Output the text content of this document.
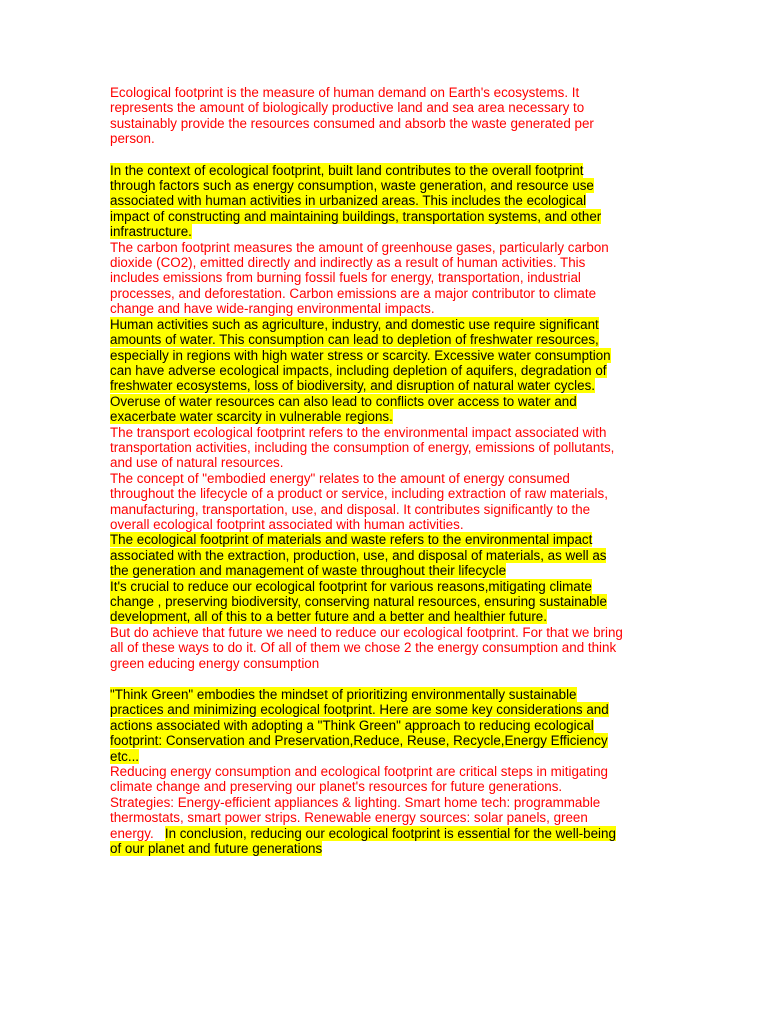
Ecological footprint is the measure of human demand on Earth's ecosystems. It
represents the amount of biologically productive land and sea area necessary to
sustainably provide the resources consumed and absorb the waste generated per
person.

In the context of ecological footprint, built land contributes to the overall footprint
through factors such as energy consumption, waste generation, and resource use
associated with human activities in urbanized areas. This includes the ecological
impact of constructing and maintaining buildings, transportation systems, and other
infrastructure.

The carbon footprint measures the amount of greenhouse gases, particularly carbon
dioxide (CO2), emitted directly and indirectly as a result of human activities. This
includes emissions from burning fossil fuels for energy, transportation, industrial
processes, and deforestation. Carbon emissions are a major contributor to climate
change and have wide-ranging environmental impacts.

Human activities such as agriculture, industry, and domestic use require significant
amounts of water. This consumption can lead to depletion of freshwater resources,
especially in regions with high water stress or scarcity. Excessive water consumption
can have adverse ecological impacts, including depletion of aquifers, degradation of
freshwater ecosystems, loss of biodiversity, and disruption of natural water cycles.
Overuse of water resources can also lead to conflicts over access to water and
exacerbate water scarcity in vulnerable regions.

The transport ecological footprint refers to the environmental impact associated with
transportation activities, including the consumption of energy, emissions of pollutants,
and use of natural resources.

The concept of "embodied energy" relates to the amount of energy consumed
throughout the lifecycle of a product or service, including extraction of raw materials,
manufacturing, transportation, use, and disposal. It contributes significantly to the
overall ecological footprint associated with human activities.

The ecological footprint of materials and waste refers to the environmental impact
associated with the extraction, production, use, and disposal of materials, as well as
the generation and management of waste throughout their lifecycle

It's crucial to reduce our ecological footprint for various reasons,mitigating climate
change , preserving biodiversity, conserving natural resources, ensuring sustainable
development, all of this to a better future and a better and healthier future.

But do achieve that future we need to reduce our ecological footprint. For that we bring
all of these ways to do it. Of all of them we chose 2 the energy consumption and think
green educing energy consumption

"Think Green" embodies the mindset of prioritizing environmentally sustainable
practices and minimizing ecological footprint. Here are some key considerations and
actions associated with adopting a "Think Green" approach to reducing ecological
footprint: Conservation and Preservation,Reduce, Reuse, Recycle,Energy Efficiency
etc...

Reducing energy consumption and ecological footprint are critical steps in mitigating
climate change and preserving our planet's resources for future generations.
Strategies: Energy-efficient appliances & lighting. Smart home tech: programmable
thermostats, smart power strips. Renewable energy sources: solar panels, green
energy.   In conclusion, reducing our ecological footprint is essential for the well-being
of our planet and future generations
